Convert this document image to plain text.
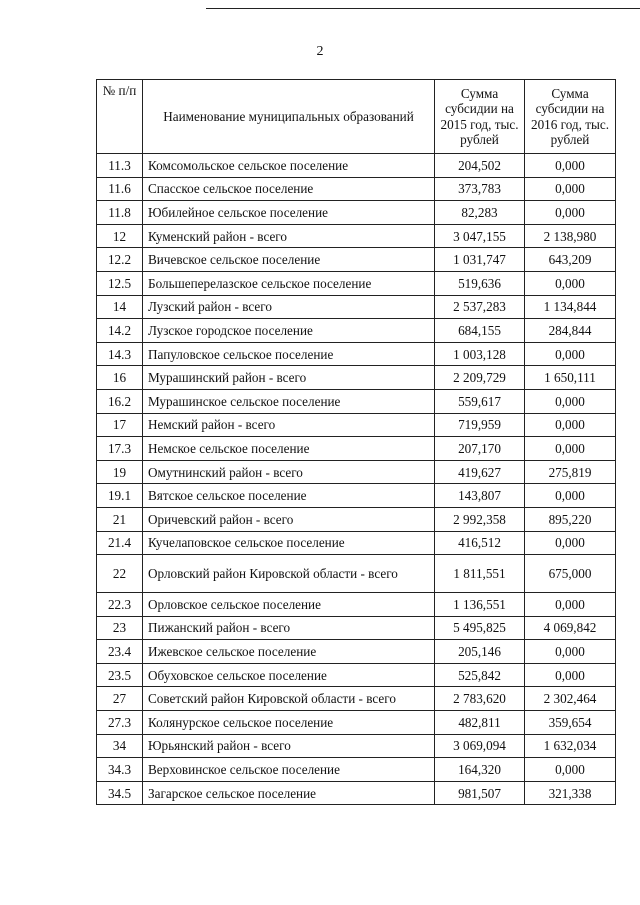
2
№ п/п	Наименование муниципальных образований	Сумма субсидии на 2015 год, тыс. рублей	Сумма субсидии на 2016 год, тыс. рублей
11.3	Комсомольское сельское поселение	204,502	0,000
11.6	Спасское сельское поселение	373,783	0,000
11.8	Юбилейное сельское поселение	82,283	0,000
12	Куменский район - всего	3 047,155	2 138,980
12.2	Вичевское сельское поселение	1 031,747	643,209
12.5	Большеперелазское сельское поселение	519,636	0,000
14	Лузский район - всего	2 537,283	1 134,844
14.2	Лузское городское поселение	684,155	284,844
14.3	Папуловское сельское поселение	1 003,128	0,000
16	Мурашинский район - всего	2 209,729	1 650,111
16.2	Мурашинское сельское поселение	559,617	0,000
17	Немский район - всего	719,959	0,000
17.3	Немское сельское поселение	207,170	0,000
19	Омутнинский район - всего	419,627	275,819
19.1	Вятское сельское поселение	143,807	0,000
21	Оричевский район - всего	2 992,358	895,220
21.4	Кучелаповское сельское поселение	416,512	0,000
22	Орловский район Кировской области - всего	1 811,551	675,000
22.3	Орловское сельское поселение	1 136,551	0,000
23	Пижанский район - всего	5 495,825	4 069,842
23.4	Ижевское сельское поселение	205,146	0,000
23.5	Обуховское сельское поселение	525,842	0,000
27	Советский район Кировской области - всего	2 783,620	2 302,464
27.3	Колянурское сельское поселение	482,811	359,654
34	Юрьянский район - всего	3 069,094	1 632,034
34.3	Верховинское сельское поселение	164,320	0,000
34.5	Загарское сельское поселение	981,507	321,338
